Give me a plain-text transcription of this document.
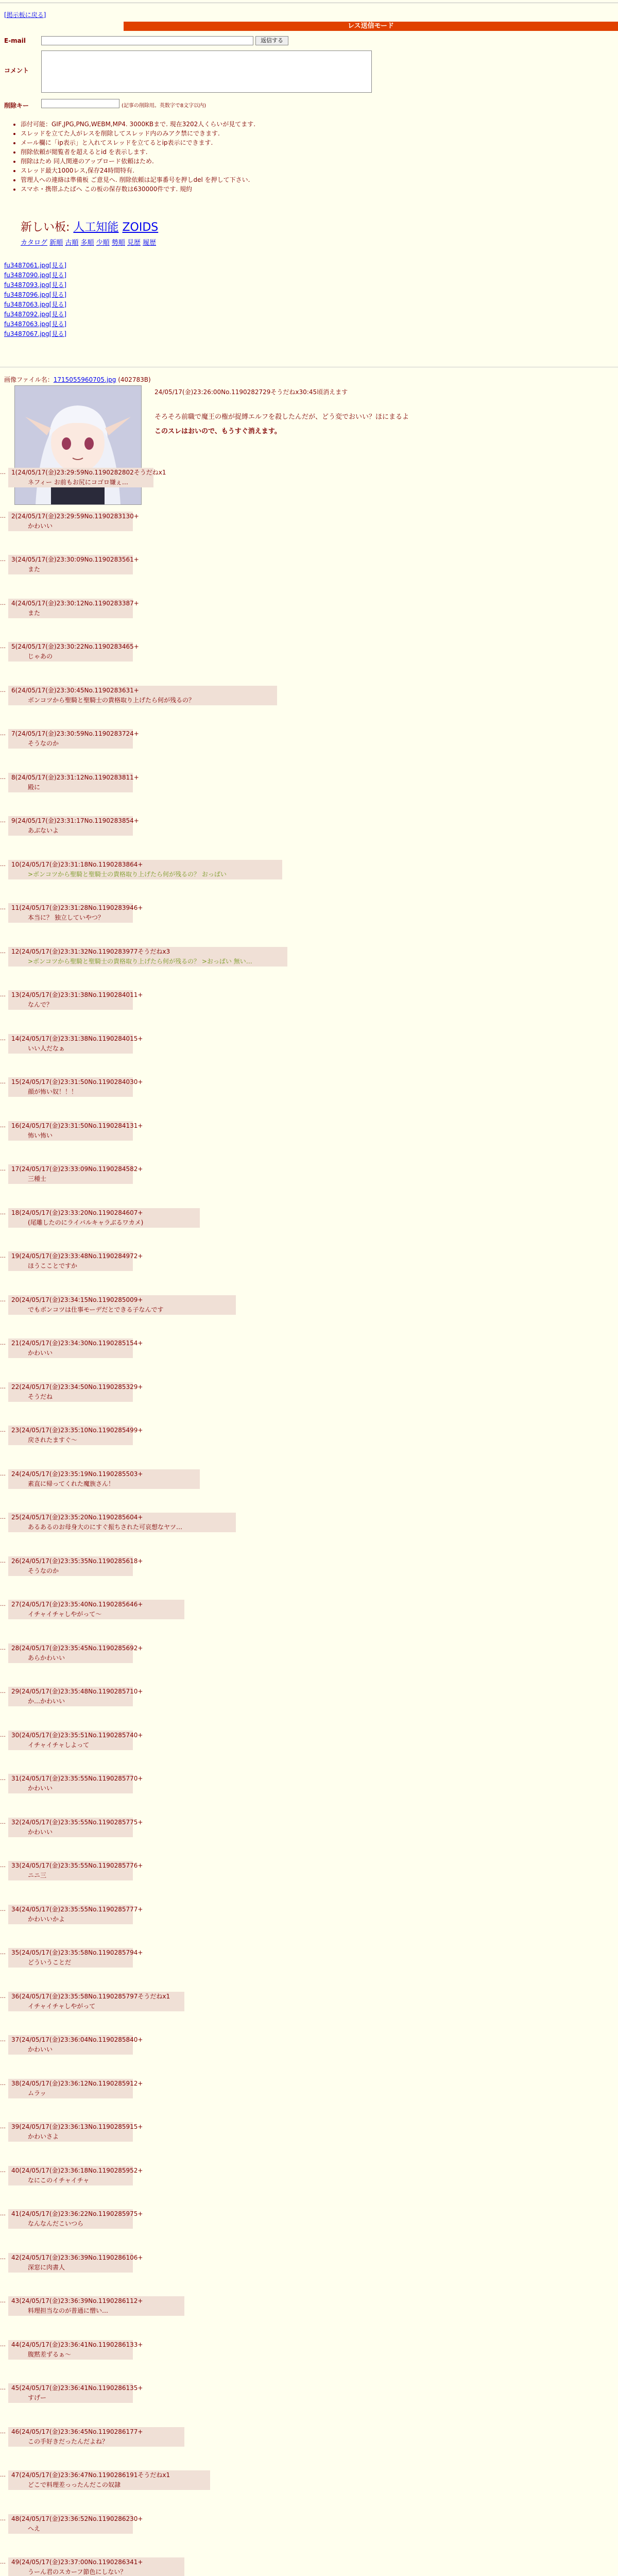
[掲示板に戻る]
レス送信モード
E-mail	返信する
コメント
削除キー	(記事の削除用。英数字で8文字以内)
• 添付可能：GIF,JPG,PNG,WEBM,MP4. 3000KBまで. 現在3202人くらいが見てます.
• スレッドを立てた人がレスを削除してスレッド内のみアク禁にできます.
• メール欄に「ip表示」と入れてスレッドを立てるとip表示にできます.
• 削除依頼が閲覧者を超えるとid を表示します.
• 削除はため 同人関連のアップロード依頼はため.
• スレッド最大1000レス,保存24時間特有.
• 管理人への連絡は準備板 ご意見へ. 削除依頼は記事番号を押しdel を押して下さい.
• スマホ・携帯ふたばへ この板の保存数は630000件です. 規約
新しい板: 人工知能 ZOIDS
カタログ 新順 古順 多順 少順 勢順 見歴 履歴
fu3487061.jpg[見る]
fu3487090.jpg[見る]
fu3487093.jpg[見る]
fu3487096.jpg[見る]
fu3487063.jpg[見る]
fu3487092.jpg[見る]
fu3487063.jpg[見る]
fu3487067.jpg[見る]
画像ファイル名：1715055960705.jpg (402783B)
24/05/17(金)23:26:00No.1190282729そうだねx30:45頃消えます
そろそろ前職で魔王の権が捉縛エルフを殺したんだが、どう変でおいい？ほにまるよ
このスレはおいので、もうすぐ消えます。
… 1(24/05/17(金)23:29:59No.1190282802そうだねx1
ネフィー お前もお尻にコゴロ嫌ぇ…
… 2(24/05/17(金)23:29:59No.1190283130+
かわいい
… 3(24/05/17(金)23:30:09No.1190283561+
また
… 4(24/05/17(金)23:30:12No.1190283387+
また
… 5(24/05/17(金)23:30:22No.1190283465+
じゃあの
… 6(24/05/17(金)23:30:45No.1190283631+
ボンコツから聖騎と聖騎士の貴格取り上げたら何が残るの？
… 7(24/05/17(金)23:30:59No.1190283724+
そうなのか
… 8(24/05/17(金)23:31:12No.1190283811+
殿に
… 9(24/05/17(金)23:31:17No.1190283854+
あぶないよ
… 10(24/05/17(金)23:31:18No.1190283864+
>ボンコツから聖騎と聖騎士の貴格取り上げたら何が残るの？ おっぱい
… 11(24/05/17(金)23:31:28No.1190283946+
本当に？ 独立していやつ？
… 12(24/05/17(金)23:31:32No.1190283977そうだねx3
>ボンコツから聖騎と聖騎士の貴格取り上げたら何が残るの？ >おっぱい 無い…
… 13(24/05/17(金)23:31:38No.1190284011+
なんで？
… 14(24/05/17(金)23:31:38No.1190284015+
いい人だなぁ
… 15(24/05/17(金)23:31:50No.1190284030+
顔が怖い奴！！！
… 16(24/05/17(金)23:31:50No.1190284131+
怖い怖い
… 17(24/05/17(金)23:33:09No.1190284582+
三種士
… 18(24/05/17(金)23:33:20No.1190284607+
(尾雕したのにライバルキャラぶるワカメ)
… 19(24/05/17(金)23:33:48No.1190284972+
ほうこことですか
… 20(24/05/17(金)23:34:15No.1190285009+
でもボンコツは仕事モーデだとできる子なんです
… 21(24/05/17(金)23:34:30No.1190285154+
かわいい
… 22(24/05/17(金)23:34:50No.1190285329+
そうだね
… 23(24/05/17(金)23:35:10No.1190285499+
戻されたますぐ～
… 24(24/05/17(金)23:35:19No.1190285503+
素直に帰ってくれた魔族さん！
… 25(24/05/17(金)23:35:20No.1190285604+
あるあるのお母身大のにすぐ振ちされた可哀想なヤツ…
… 26(24/05/17(金)23:35:35No.1190285618+
そうなのか
… 27(24/05/17(金)23:35:40No.1190285646+
イチャイチャしやがって～
… 28(24/05/17(金)23:35:45No.1190285692+
あらかわいい
… 29(24/05/17(金)23:35:48No.1190285710+
か…かわいい
… 30(24/05/17(金)23:35:51No.1190285740+
イチャイチャしよって
… 31(24/05/17(金)23:35:55No.1190285770+
かわいい
… 32(24/05/17(金)23:35:55No.1190285775+
かわいい
… 33(24/05/17(金)23:35:55No.1190285776+
ニニ三
… 34(24/05/17(金)23:35:55No.1190285777+
かわいいかよ
… 35(24/05/17(金)23:35:58No.1190285794+
どういうことだ
… 36(24/05/17(金)23:35:58No.1190285797そうだねx1
イチャイチャしやがって
… 37(24/05/17(金)23:36:04No.1190285840+
かわいい
… 38(24/05/17(金)23:36:12No.1190285912+
ムラッ
… 39(24/05/17(金)23:36:13No.1190285915+
かわいさよ
… 40(24/05/17(金)23:36:18No.1190285952+
なにこのイチャイチャ
… 41(24/05/17(金)23:36:22No.1190285975+
なんなんだこいつら
… 42(24/05/17(金)23:36:39No.1190286106+
深窓に肉書人
… 43(24/05/17(金)23:36:39No.1190286112+
料理担当なのが普通に憎い…
… 44(24/05/17(金)23:36:41No.1190286133+
腹黙差ずるぁ～
… 45(24/05/17(金)23:36:41No.1190286135+
すげー
… 46(24/05/17(金)23:36:45No.1190286177+
この手好きだったんだよね？
… 47(24/05/17(金)23:36:47No.1190286191そうだねx1
どこで料理差っったんだこの奴隷
… 48(24/05/17(金)23:36:52No.1190286230+
へえ
… 49(24/05/17(金)23:37:00No.1190286341+
うーん君のスカーフ節色にしない？
